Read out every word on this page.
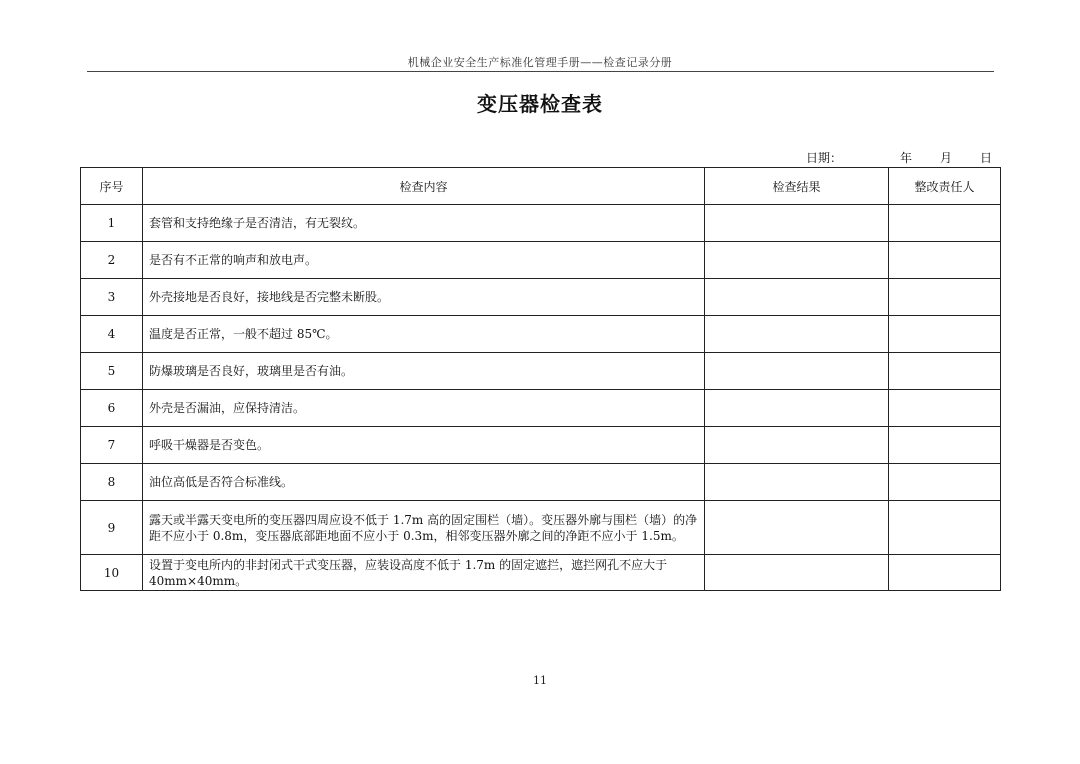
机械企业安全生产标准化管理手册——检查记录分册
变压器检查表
日期：	年 月 日
序号	检查内容	检查结果	整改责任人
1	套管和支持绝缘子是否清洁，有无裂纹。		
2	是否有不正常的响声和放电声。		
3	外壳接地是否良好，接地线是否完整未断股。		
4	温度是否正常，一般不超过 85℃。		
5	防爆玻璃是否良好，玻璃里是否有油。		
6	外壳是否漏油，应保持清洁。		
7	呼吸干燥器是否变色。		
8	油位高低是否符合标准线。		
9	露天或半露天变电所的变压器四周应设不低于 1.7m 高的固定围栏（墙）。变压器外廓与围栏（墙）的净距不应小于 0.8m，变压器底部距地面不应小于 0.3m，相邻变压器外廓之间的净距不应小于 1.5m。		
10	设置于变电所内的非封闭式干式变压器，应装设高度不低于 1.7m 的固定遮拦，遮拦网孔不应大于 40mm×40mm。		
11
